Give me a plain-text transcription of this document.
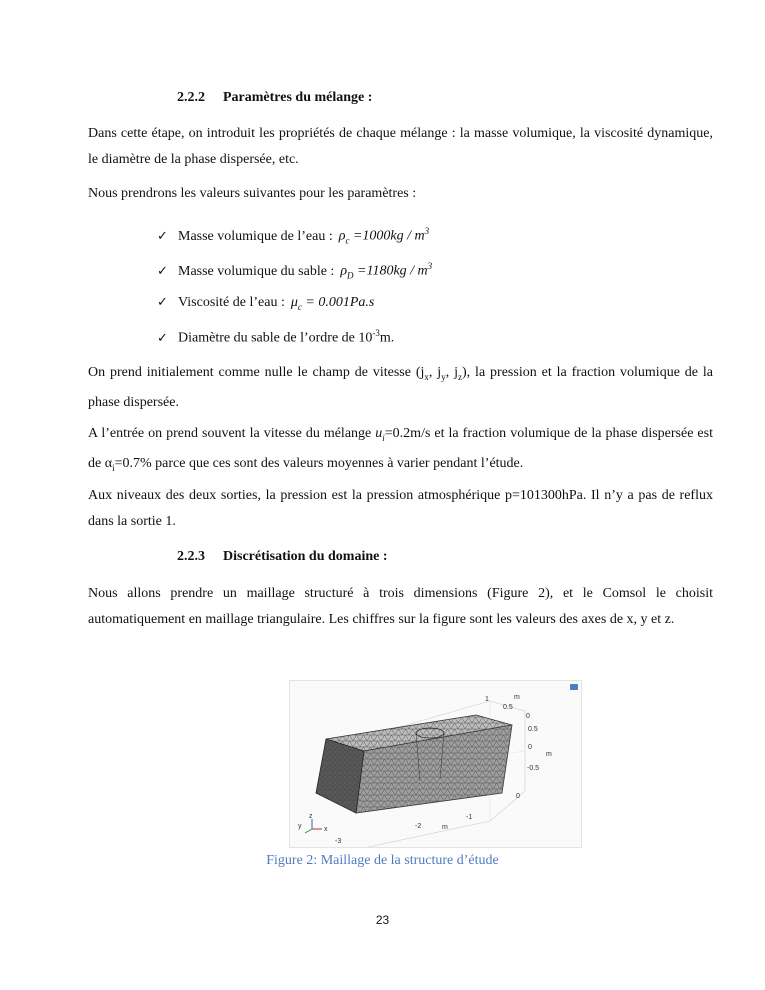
2.2.2 Paramètres du mélange :
Dans cette étape, on introduit les propriétés de chaque mélange : la masse volumique, la viscosité dynamique, le diamètre de la phase dispersée, etc.
Nous prendrons les valeurs suivantes pour les paramètres :
✓ Masse volumique de l’eau : $\rho_c =1000kg / m^3$
✓ Masse volumique du sable : $\rho_D =1180kg / m^3$
✓ Viscosité de l’eau : $\mu_c = 0.001Pa.s$
✓ Diamètre du sable de l’ordre de $10^{-3}m$.
On prend initialement comme nulle le champ de vitesse ($j_x$, $j_y$, $j_z$), la pression et la fraction volumique de la phase dispersée.
A l’entrée on prend souvent la vitesse du mélange $u_i=0.2m/s$ et la fraction volumique de la phase dispersée est de $\alpha_i=0.7\%$ parce que ces sont des valeurs moyennes à varier pendant l’étude.
Aux niveaux des deux sorties, la pression est la pression atmosphérique p=101300hPa. Il n’y a pas de reflux dans la sortie 1.
2.2.3 Discrétisation du domaine :
Nous allons prendre un maillage structuré à trois dimensions (Figure 2), et le Comsol le choisit automatiquement en maillage triangulaire. Les chiffres sur la figure sont les valeurs des axes de x, y et z.
1	m
0.5
0
0.5
0
m
-0.5
0
-1
-2	m
-3
z
x
y
Figure 2: Maillage de la structure d’étude
23
